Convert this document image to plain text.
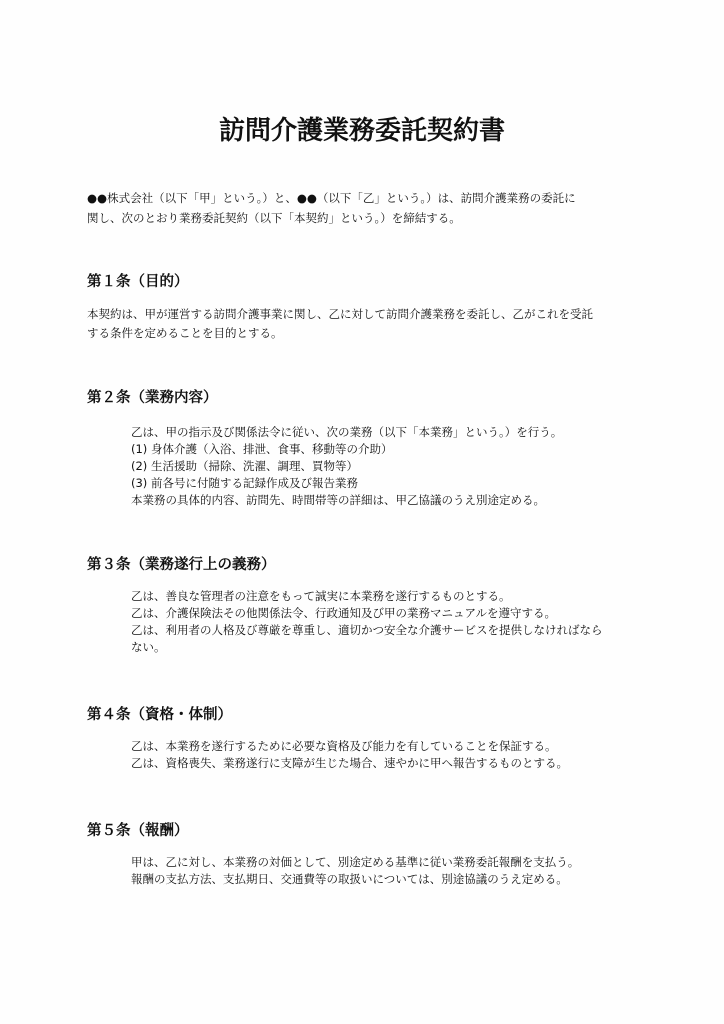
訪問介護業務委託契約書

●●株式会社（以下「甲」という。）と、●●（以下「乙」という。）は、訪問介護業務の委託に

関し、次のとおり業務委託契約（以下「本契約」という。）を締結する。

第１条（目的）

本契約は、甲が運営する訪問介護事業に関し、乙に対して訪問介護業務を委託し、乙がこれを受託

する条件を定めることを目的とする。

第２条（業務内容）

乙は、甲の指示及び関係法令に従い、次の業務（以下「本業務」という。）を行う。

(1) 身体介護（入浴、排泄、食事、移動等の介助）

(2) 生活援助（掃除、洗濯、調理、買物等）

(3) 前各号に付随する記録作成及び報告業務

本業務の具体的内容、訪問先、時間帯等の詳細は、甲乙協議のうえ別途定める。

第３条（業務遂行上の義務）

乙は、善良な管理者の注意をもって誠実に本業務を遂行するものとする。

乙は、介護保険法その他関係法令、行政通知及び甲の業務マニュアルを遵守する。

乙は、利用者の人格及び尊厳を尊重し、適切かつ安全な介護サービスを提供しなければなら

ない。

第４条（資格・体制）

乙は、本業務を遂行するために必要な資格及び能力を有していることを保証する。

乙は、資格喪失、業務遂行に支障が生じた場合、速やかに甲へ報告するものとする。

第５条（報酬）

甲は、乙に対し、本業務の対価として、別途定める基準に従い業務委託報酬を支払う。

報酬の支払方法、支払期日、交通費等の取扱いについては、別途協議のうえ定める。
